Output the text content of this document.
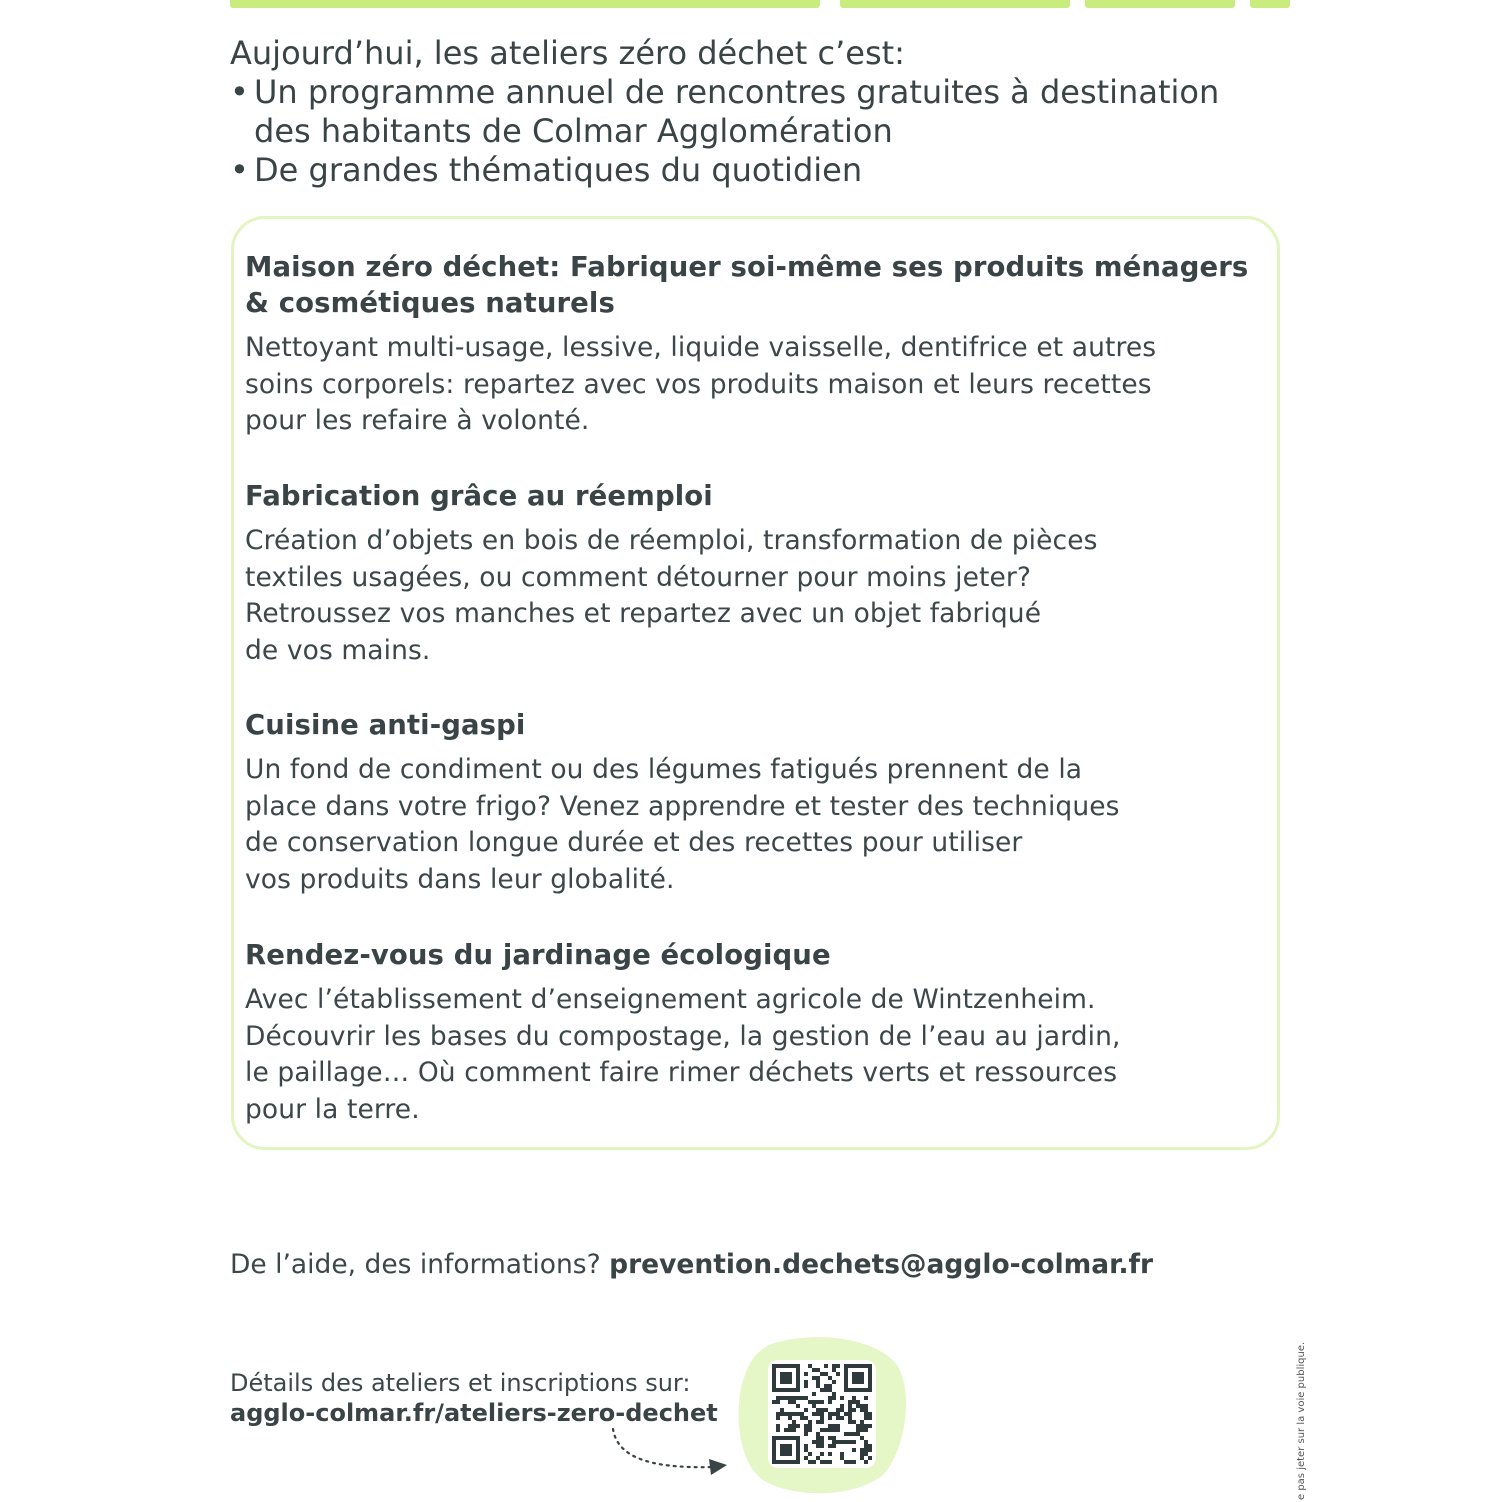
Aujourd’hui, les ateliers zéro déchet c’est:

• Un programme annuel de rencontres gratuites à destination
des habitants de Colmar Agglomération
• De grandes thématiques du quotidien
Maison zéro déchet: Fabriquer soi-même ses produits ménagers
& cosmétiques naturels

Nettoyant multi-usage, lessive, liquide vaisselle, dentifrice et autres
soins corporels: repartez avec vos produits maison et leurs recettes
pour les refaire à volonté.

Fabrication grâce au réemploi

Création d’objets en bois de réemploi, transformation de pièces
textiles usagées, ou comment détourner pour moins jeter?
Retroussez vos manches et repartez avec un objet fabriqué
de vos mains.

Cuisine anti-gaspi

Un fond de condiment ou des légumes fatigués prennent de la
place dans votre frigo? Venez apprendre et tester des techniques
de conservation longue durée et des recettes pour utiliser
vos produits dans leur globalité.

Rendez-vous du jardinage écologique

Avec l’établissement d’enseignement agricole de Wintzenheim.
Découvrir les bases du compostage, la gestion de l’eau au jardin,
le paillage… Où comment faire rimer déchets verts et ressources
pour la terre.

De l’aide, des informations? prevention.dechets@agglo-colmar.fr
Détails des ateliers et inscriptions sur:
agglo-colmar.fr/ateliers-zero-dechet	e pas jeter sur la voie publique.
